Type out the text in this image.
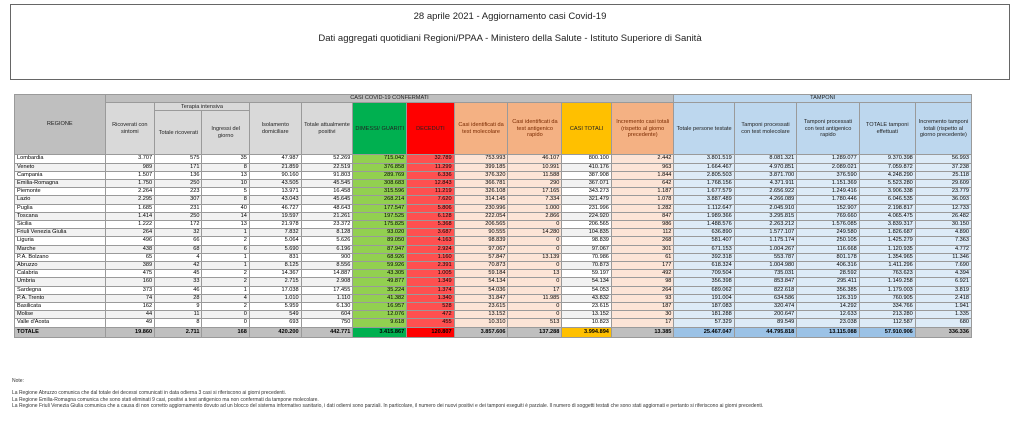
28 aprile 2021 - Aggiornamento casi Covid-19
Dati aggregati quotidiani Regioni/PPAA - Ministero della Salute - Istituto Superiore di Sanità
REGIONE	CASI COVID-19 CONFERMATI											TAMPONI				
	Ricoverati con sintomi	Terapia intensiva		Isolamento domiciliare	Totale attualmente positivi	DIMESSI/ GUARITI	DECEDUTI	Casi identificati da test molecolare	Casi identificati da test antigenico rapido	CASI TOTALI	Incremento casi totali (rispetto al giorno precedente)	Totale persone testate	Tamponi processati con test molecolare	Tamponi processati con test antigenico rapido	TOTALE tamponi effettuati	Incremento tamponi totali (rispetto al giorno precedente)
		Totale ricoverati	Ingressi del giorno													
Lombardia	3.707	575	35	47.987	52.269	715.042	32.789	753.993	46.107	800.100	2.442	3.801.519	8.081.321	1.289.077	9.370.398	56.993
Veneto	989	171	8	21.859	22.519	376.858	11.299	399.185	10.991	410.176	963	1.664.467	4.970.851	2.089.021	7.059.872	37.238
Campania	1.507	136	13	90.160	91.803	289.769	6.336	376.320	11.588	387.908	1.844	2.805.503	3.871.700	376.590	4.248.290	25.118
Emilia-Romagna	1.750	250	10	43.505	45.545	308.683	12.843	366.781	290	367.071	642	1.768.156	4.371.911	1.151.369	5.523.280	29.609
Piemonte	2.264	223	5	13.971	16.458	315.596	11.219	326.108	17.165	343.273	1.187	1.677.579	2.656.922	1.249.416	3.906.338	23.779
Lazio	2.295	307	8	43.043	45.645	268.214	7.620	314.145	7.334	321.479	1.078	3.887.489	4.266.089	1.780.446	6.046.535	36.093
Puglia	1.685	231	40	46.727	48.643	177.547	5.806	230.996	1.000	231.996	1.282	1.112.647	2.045.910	152.907	2.198.817	12.733
Toscana	1.414	250	14	19.597	21.261	197.525	6.128	222.054	2.866	224.920	847	1.989.366	3.295.815	769.660	4.065.475	26.482
Sicilia	1.222	172	13	21.978	23.372	175.825	5.368	206.565	0	206.565	986	1.488.576	2.263.212	1.576.085	3.839.317	30.150
Friuli Venezia Giulia	264	32	1	7.832	8.128	93.020	3.687	90.555	14.280	104.835	112	636.890	1.577.107	249.580	1.826.687	4.890
Liguria	496	66	2	5.064	5.626	89.050	4.163	98.839	0	98.839	268	581.407	1.175.174	250.105	1.425.279	7.363
Marche	438	68	6	5.690	6.196	87.947	2.924	97.067	0	97.067	301	671.153	1.004.267	116.668	1.120.935	4.772
P.A. Bolzano	65	4	1	831	900	68.926	1.160	57.847	13.139	70.986	61	392.318	553.787	801.178	1.354.965	11.346
Abruzzo	389	42	1	8.125	8.556	59.926	2.391	70.873	0	70.873	177	618.324	1.004.980	406.316	1.411.296	7.690
Calabria	475	45	2	14.367	14.887	43.305	1.005	59.184	13	59.197	492	709.504	735.031	28.592	763.623	4.394
Umbria	160	33	2	2.715	2.908	49.877	1.349	54.134	0	54.134	98	356.398	853.847	295.411	1.149.258	6.921
Sardegna	373	46	1	17.038	17.455	35.224	1.374	54.036	17	54.053	264	689.062	822.618	356.385	1.179.003	3.819
P.A. Trento	74	28	4	1.010	1.110	41.382	1.340	31.847	11.985	43.832	93	191.004	634.586	126.319	760.905	2.418
Basilicata	162	9	2	5.959	6.130	16.957	528	23.615	0	23.615	187	187.083	320.474	14.292	334.766	1.941
Molise	44	11	0	549	604	12.076	472	13.152	0	13.152	30	181.288	200.647	12.633	213.280	1.335
Valle d'Aosta	49	8	0	693	750	9.618	455	10.310	513	10.823	17	57.329	89.549	23.038	112.587	680
TOTALE	19.860	2.711	168	420.200	442.771	3.415.867	120.807	3.857.606	137.288	3.994.894	13.385	25.467.047	44.795.818	13.115.088	57.910.906	336.336
Note:
La Regione Abruzzo comunica che dal totale dei decessi comunicati in data odierna 3 casi si riferiscono ai giorni precedenti.
La Regione Emilia-Romagna comunica che sono stati eliminati 9 casi, positivi a test antigenico ma non confermati da tampone molecolare.
La Regione Friuli Venezia Giulia comunica che a causa di non corretto aggiornamento dovuto ad un blocco del sistema informativo sanitario, i dati odierni sono parziali. In particolare, il numero dei nuovi positivi e dei tamponi eseguiti è parziale. Il numero di soggetti testati che sono stati aggiornati e pertanto si riferiscono ai giorni precedenti.
